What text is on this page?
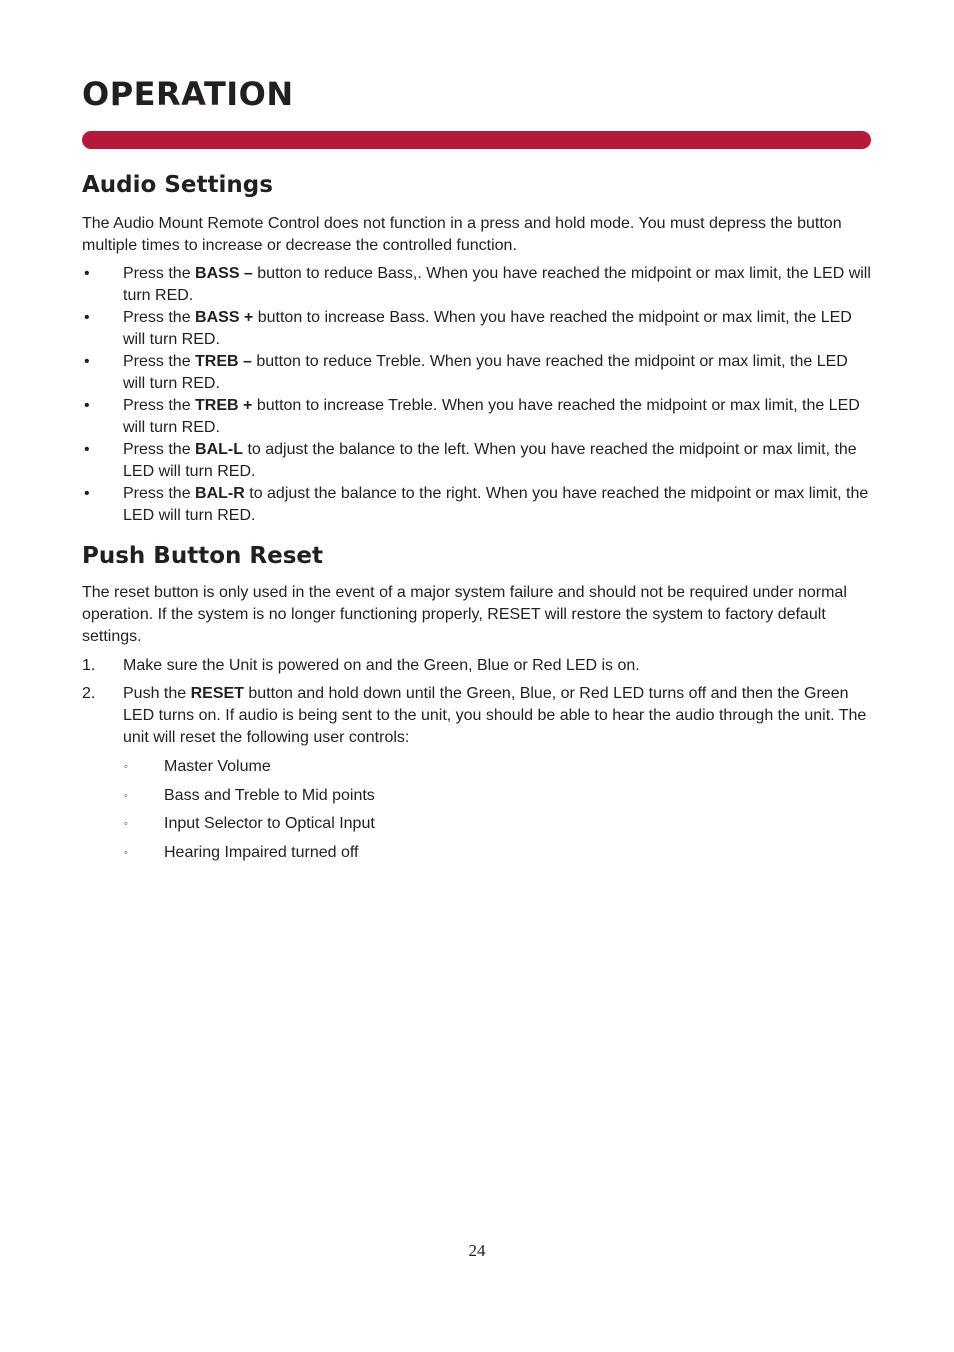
OPERATION
Audio Settings

The Audio Mount Remote Control does not function in a press and hold mode. You must depress the button multiple times to increase or decrease the controlled function.

• Press the BASS – button to reduce Bass,. When you have reached the midpoint or max limit, the LED will turn RED.
• Press the BASS + button to increase Bass. When you have reached the midpoint or max limit, the LED will turn RED.
• Press the TREB – button to reduce Treble. When you have reached the midpoint or max limit, the LED will turn RED.
• Press the TREB + button to increase Treble. When you have reached the midpoint or max limit, the LED will turn RED.
• Press the BAL-L to adjust the balance to the left. When you have reached the midpoint or max limit, the LED will turn RED.
• Press the BAL-R to adjust the balance to the right. When you have reached the midpoint or max limit, the LED will turn RED.
Push Button Reset

The reset button is only used in the event of a major system failure and should not be required under normal operation. If the system is no longer functioning properly, RESET will restore the system to factory default settings.

1. Make sure the Unit is powered on and the Green, Blue or Red LED is on.
2. Push the RESET button and hold down until the Green, Blue, or Red LED turns off and then the Green LED turns on. If audio is being sent to the unit, you should be able to hear the audio through the unit. The unit will reset the following user controls:
◦ Master Volume
◦ Bass and Treble to Mid points
◦ Input Selector to Optical Input
◦ Hearing Impaired turned off
24
